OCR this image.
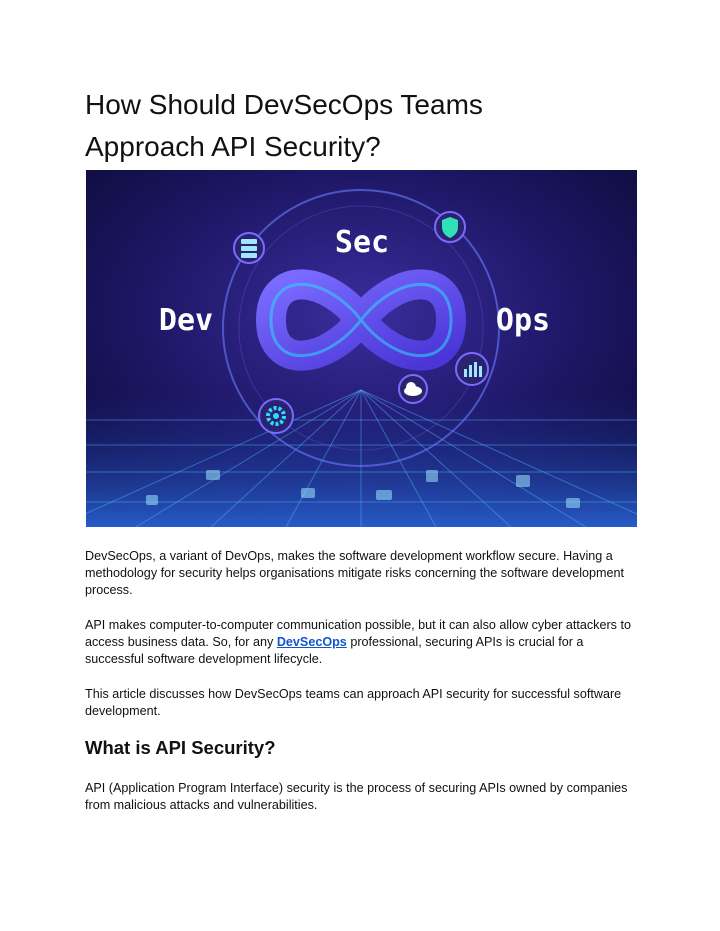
How Should DevSecOps Teams
Approach API Security?
Sec
Dev	Ops

DevSecOps, a variant of DevOps, makes the software development workflow secure. Having a methodology for security helps organisations mitigate risks concerning the software development process.

API makes computer-to-computer communication possible, but it can also allow cyber attackers to access business data. So, for any DevSecOps professional, securing APIs is crucial for a successful software development lifecycle.

This article discusses how DevSecOps teams can approach API security for successful software development.

What is API Security?

API (Application Program Interface) security is the process of securing APIs owned by companies from malicious attacks and vulnerabilities.
